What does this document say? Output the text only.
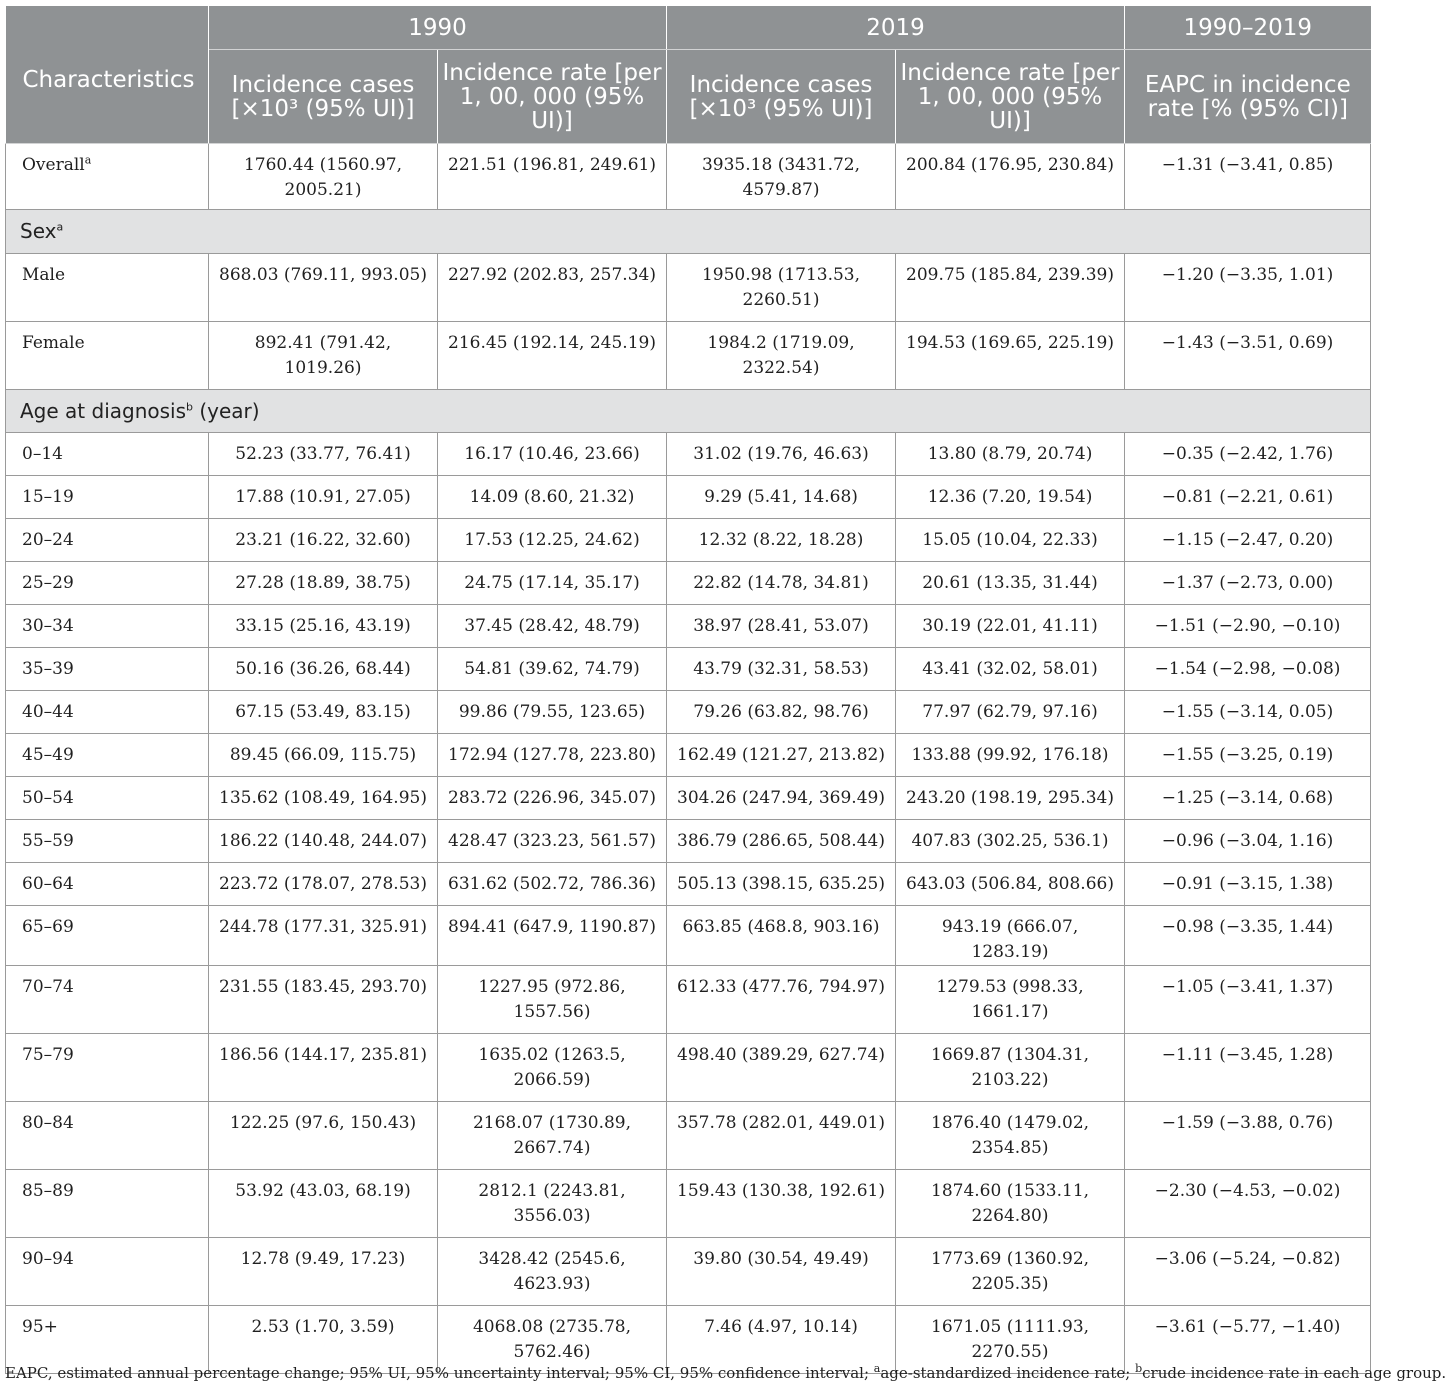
Characteristics	1990		2019		1990–2019
	Incidence cases [×10³ (95% UI)]	Incidence rate [per 1, 00, 000 (95% UI)]	Incidence cases [×10³ (95% UI)]	Incidence rate [per 1, 00, 000 (95% UI)]	EAPC in incidence rate [% (95% CI)]
Overall$^a$	1760.44 (1560.97, 2005.21)	221.51 (196.81, 249.61)	3935.18 (3431.72, 4579.87)	200.84 (176.95, 230.84)	−1.31 (−3.41, 0.85)
Sex$^a$
Male	868.03 (769.11, 993.05)	227.92 (202.83, 257.34)	1950.98 (1713.53, 2260.51)	209.75 (185.84, 239.39)	−1.20 (−3.35, 1.01)
Female	892.41 (791.42, 1019.26)	216.45 (192.14, 245.19)	1984.2 (1719.09, 2322.54)	194.53 (169.65, 225.19)	−1.43 (−3.51, 0.69)
Age at diagnosis$^b$ (year)					
0–14	52.23 (33.77, 76.41)	16.17 (10.46, 23.66)	31.02 (19.76, 46.63)	13.80 (8.79, 20.74)	−0.35 (−2.42, 1.76)
15–19	17.88 (10.91, 27.05)	14.09 (8.60, 21.32)	9.29 (5.41, 14.68)	12.36 (7.20, 19.54)	−0.81 (−2.21, 0.61)
20–24	23.21 (16.22, 32.60)	17.53 (12.25, 24.62)	12.32 (8.22, 18.28)	15.05 (10.04, 22.33)	−1.15 (−2.47, 0.20)
25–29	27.28 (18.89, 38.75)	24.75 (17.14, 35.17)	22.82 (14.78, 34.81)	20.61 (13.35, 31.44)	−1.37 (−2.73, 0.00)
30–34	33.15 (25.16, 43.19)	37.45 (28.42, 48.79)	38.97 (28.41, 53.07)	30.19 (22.01, 41.11)	−1.51 (−2.90, −0.10)
35–39	50.16 (36.26, 68.44)	54.81 (39.62, 74.79)	43.79 (32.31, 58.53)	43.41 (32.02, 58.01)	−1.54 (−2.98, −0.08)
40–44	67.15 (53.49, 83.15)	99.86 (79.55, 123.65)	79.26 (63.82, 98.76)	77.97 (62.79, 97.16)	−1.55 (−3.14, 0.05)
45–49	89.45 (66.09, 115.75)	172.94 (127.78, 223.80)	162.49 (121.27, 213.82)	133.88 (99.92, 176.18)	−1.55 (−3.25, 0.19)
50–54	135.62 (108.49, 164.95)	283.72 (226.96, 345.07)	304.26 (247.94, 369.49)	243.20 (198.19, 295.34)	−1.25 (−3.14, 0.68)
55–59	186.22 (140.48, 244.07)	428.47 (323.23, 561.57)	386.79 (286.65, 508.44)	407.83 (302.25, 536.1)	−0.96 (−3.04, 1.16)
60–64	223.72 (178.07, 278.53)	631.62 (502.72, 786.36)	505.13 (398.15, 635.25)	643.03 (506.84, 808.66)	−0.91 (−3.15, 1.38)
65–69	244.78 (177.31, 325.91)	894.41 (647.9, 1190.87)	663.85 (468.8, 903.16)	943.19 (666.07, 1283.19)	−0.98 (−3.35, 1.44)
70–74	231.55 (183.45, 293.70)	1227.95 (972.86, 1557.56)	612.33 (477.76, 794.97)	1279.53 (998.33, 1661.17)	−1.05 (−3.41, 1.37)
75–79	186.56 (144.17, 235.81)	1635.02 (1263.5, 2066.59)	498.40 (389.29, 627.74)	1669.87 (1304.31, 2103.22)	−1.11 (−3.45, 1.28)
80–84	122.25 (97.6, 150.43)	2168.07 (1730.89, 2667.74)	357.78 (282.01, 449.01)	1876.40 (1479.02, 2354.85)	−1.59 (−3.88, 0.76)
85–89	53.92 (43.03, 68.19)	2812.1 (2243.81, 3556.03)	159.43 (130.38, 192.61)	1874.60 (1533.11, 2264.80)	−2.30 (−4.53, −0.02)
90–94	12.78 (9.49, 17.23)	3428.42 (2545.6, 4623.93)	39.80 (30.54, 49.49)	1773.69 (1360.92, 2205.35)	−3.06 (−5.24, −0.82)
95+	2.53 (1.70, 3.59)	4068.08 (2735.78, 5762.46)	7.46 (4.97, 10.14)	1671.05 (1111.93, 2270.55)	−3.61 (−5.77, −1.40)
EAPC, estimated annual percentage change; 95% UI, 95% uncertainty interval; 95% CI, 95% confidence interval; $^a$age-standardized incidence rate; $^b$crude incidence rate in each age group.
